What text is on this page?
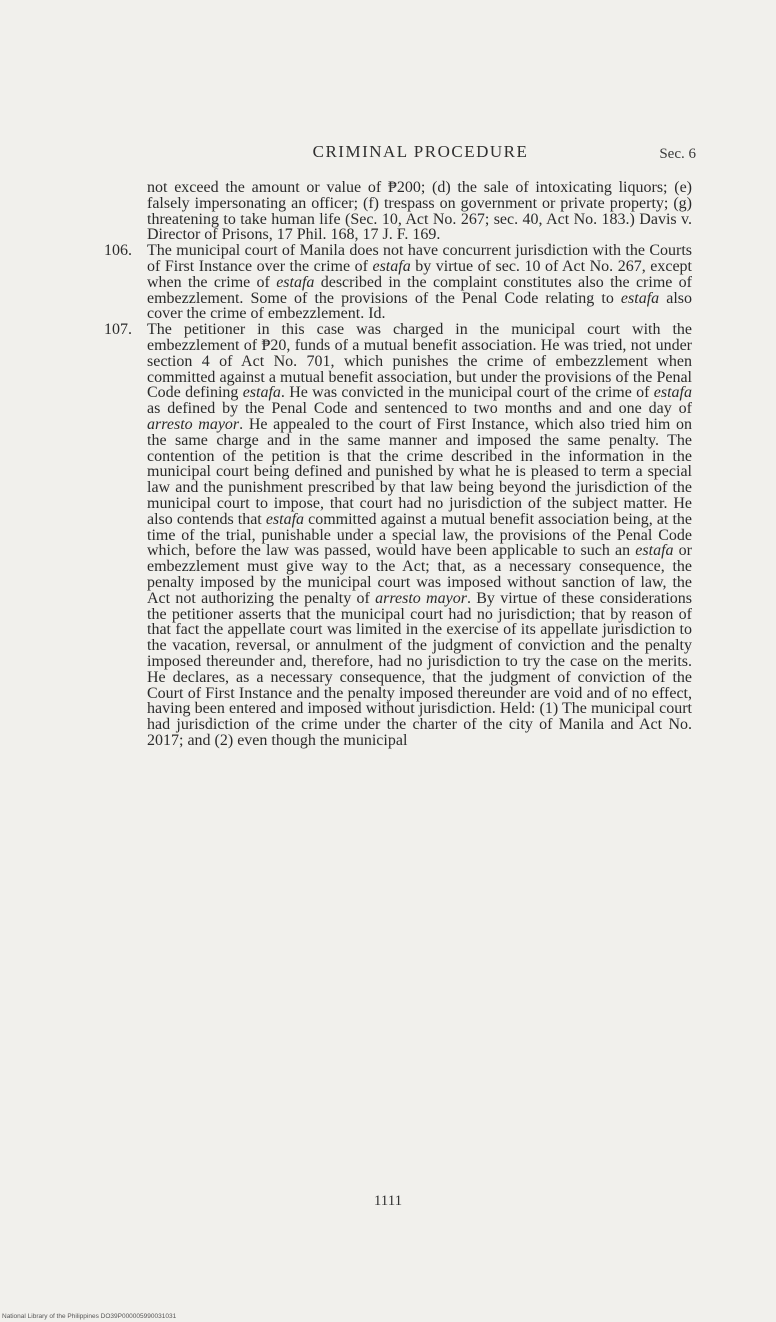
CRIMINAL PROCEDURE	Sec. 6

not exceed the amount or value of ₱200; (d) the sale of intoxicating liquors; (e) falsely impersonating an officer; (f) trespass on government or private property; (g) threatening to take human life (Sec. 10, Act No. 267; sec. 40, Act No. 183.) Davis v. Director of Prisons, 17 Phil. 168, 17 J. F. 169.

106. The municipal court of Manila does not have concurrent jurisdiction with the Courts of First Instance over the crime of estafa by virtue of sec. 10 of Act No. 267, except when the crime of estafa described in the complaint constitutes also the crime of embezzlement. Some of the provisions of the Penal Code relating to estafa also cover the crime of embezzlement. Id.

107. The petitioner in this case was charged in the municipal court with the embezzlement of ₱20, funds of a mutual benefit association. He was tried, not under section 4 of Act No. 701, which punishes the crime of embezzlement when committed against a mutual benefit association, but under the provisions of the Penal Code defining estafa. He was convicted in the municipal court of the crime of estafa as defined by the Penal Code and sentenced to two months and and one day of arresto mayor. He appealed to the court of First Instance, which also tried him on the same charge and in the same manner and imposed the same penalty. The contention of the petition is that the crime described in the information in the municipal court being defined and punished by what he is pleased to term a special law and the punishment prescribed by that law being beyond the jurisdiction of the municipal court to impose, that court had no jurisdiction of the subject matter. He also contends that estafa committed against a mutual benefit association being, at the time of the trial, punishable under a special law, the provisions of the Penal Code which, before the law was passed, would have been applicable to such an estafa or embezzlement must give way to the Act; that, as a necessary consequence, the penalty imposed by the municipal court was imposed without sanction of law, the Act not authorizing the penalty of arresto mayor. By virtue of these considerations the petitioner asserts that the municipal court had no jurisdiction; that by reason of that fact the appellate court was limited in the exercise of its appellate jurisdiction to the vacation, reversal, or annulment of the judgment of conviction and the penalty imposed thereunder and, therefore, had no jurisdiction to try the case on the merits. He declares, as a necessary consequence, that the judgment of conviction of the Court of First Instance and the penalty imposed thereunder are void and of no effect, having been entered and imposed without jurisdiction. Held: (1) The municipal court had jurisdiction of the crime under the charter of the city of Manila and Act No. 2017; and (2) even though the municipal

1111
National Library of the Philippines DO39P000005990031031
